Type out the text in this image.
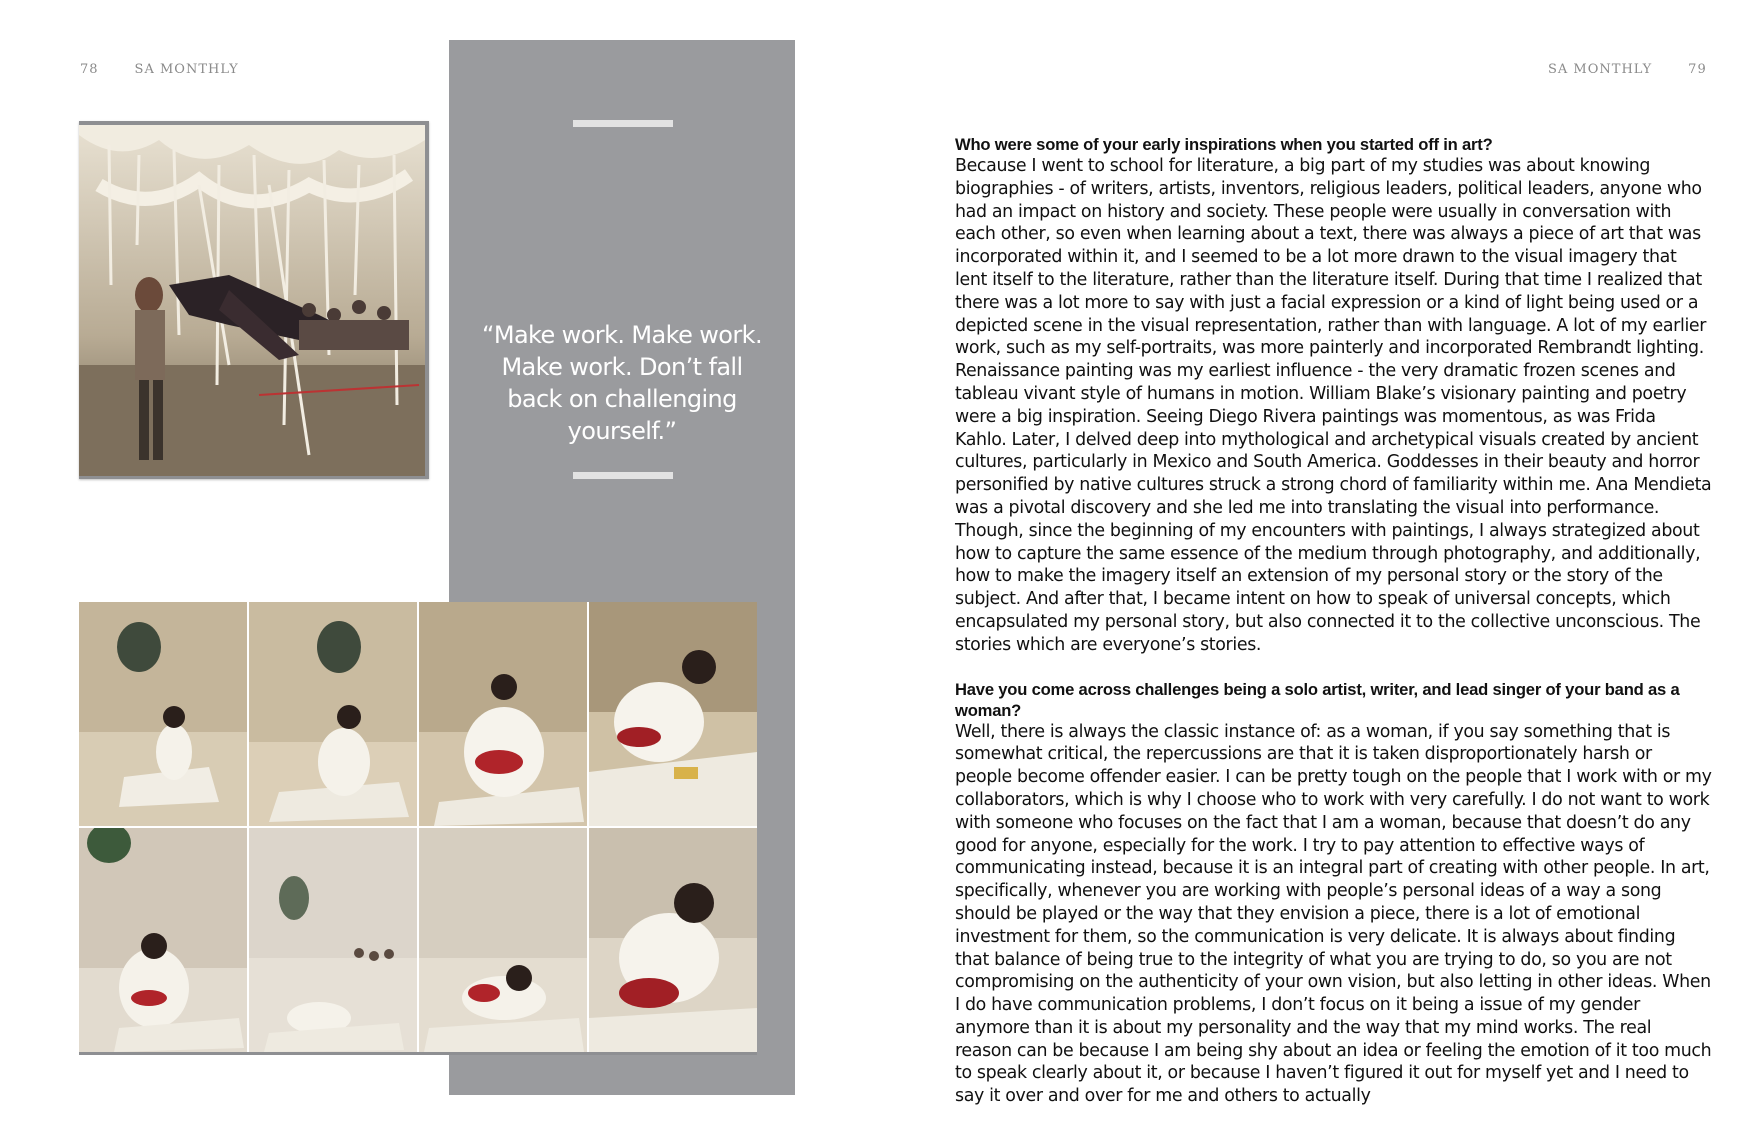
78	SA MONTHLY	SA MONTHLY	79

“Make work. Make work. Make work. Don’t fall back on challenging yourself.”

Who were some of your early inspirations when you started off in art?

Because I went to school for literature, a big part of my studies was about knowing biographies - of writers, artists, inventors, religious leaders, political leaders, anyone who had an impact on history and society. These people were usually in conversation with each other, so even when learning about a text, there was always a piece of art that was incorporated within it, and I seemed to be a lot more drawn to the visual imagery that lent itself to the literature, rather than the literature itself. During that time I realized that there was a lot more to say with just a facial expression or a kind of light being used or a depicted scene in the visual representation, rather than with language. A lot of my earlier work, such as my self-portraits, was more painterly and incorporated Rembrandt lighting. Renaissance painting was my earliest influence - the very dramatic frozen scenes and tableau vivant style of humans in motion. William Blake’s visionary painting and poetry were a big inspiration. Seeing Diego Rivera paintings was momentous, as was Frida Kahlo. Later, I delved deep into mythological and archetypical visuals created by ancient cultures, particularly in Mexico and South America. Goddesses in their beauty and horror personified by native cultures struck a strong chord of familiarity within me. Ana Mendieta was a pivotal discovery and she led me into translating the visual into performance. Though, since the beginning of my encounters with paintings, I always strategized about how to capture the same essence of the medium through photography, and additionally, how to make the imagery itself an extension of my personal story or the story of the subject. And after that, I became intent on how to speak of universal concepts, which encapsulated my personal story, but also connected it to the collective unconscious. The stories which are everyone’s stories.

Have you come across challenges being a solo artist, writer, and lead singer of your band as a woman?

Well, there is always the classic instance of: as a woman, if you say something that is somewhat critical, the repercussions are that it is taken disproportionately harsh or people become offender easier. I can be pretty tough on the people that I work with or my collaborators, which is why I choose who to work with very carefully. I do not want to work with someone who focuses on the fact that I am a woman, because that doesn’t do any good for anyone, especially for the work. I try to pay attention to effective ways of communicating instead, because it is an integral part of creating with other people. In art, specifically, whenever you are working with people’s personal ideas of a way a song should be played or the way that they envision a piece, there is a lot of emotional investment for them, so the communication is very delicate. It is always about finding that balance of being true to the integrity of what you are trying to do, so you are not compromising on the authenticity of your own vision, but also letting in other ideas. When I do have communication problems, I don’t focus on it being a issue of my gender anymore than it is about my personality and the way that my mind works. The real reason can be because I am being shy about an idea or feeling the emotion of it too much to speak clearly about it, or because I haven’t figured it out for myself yet and I need to say it over and over for me and others to actually
